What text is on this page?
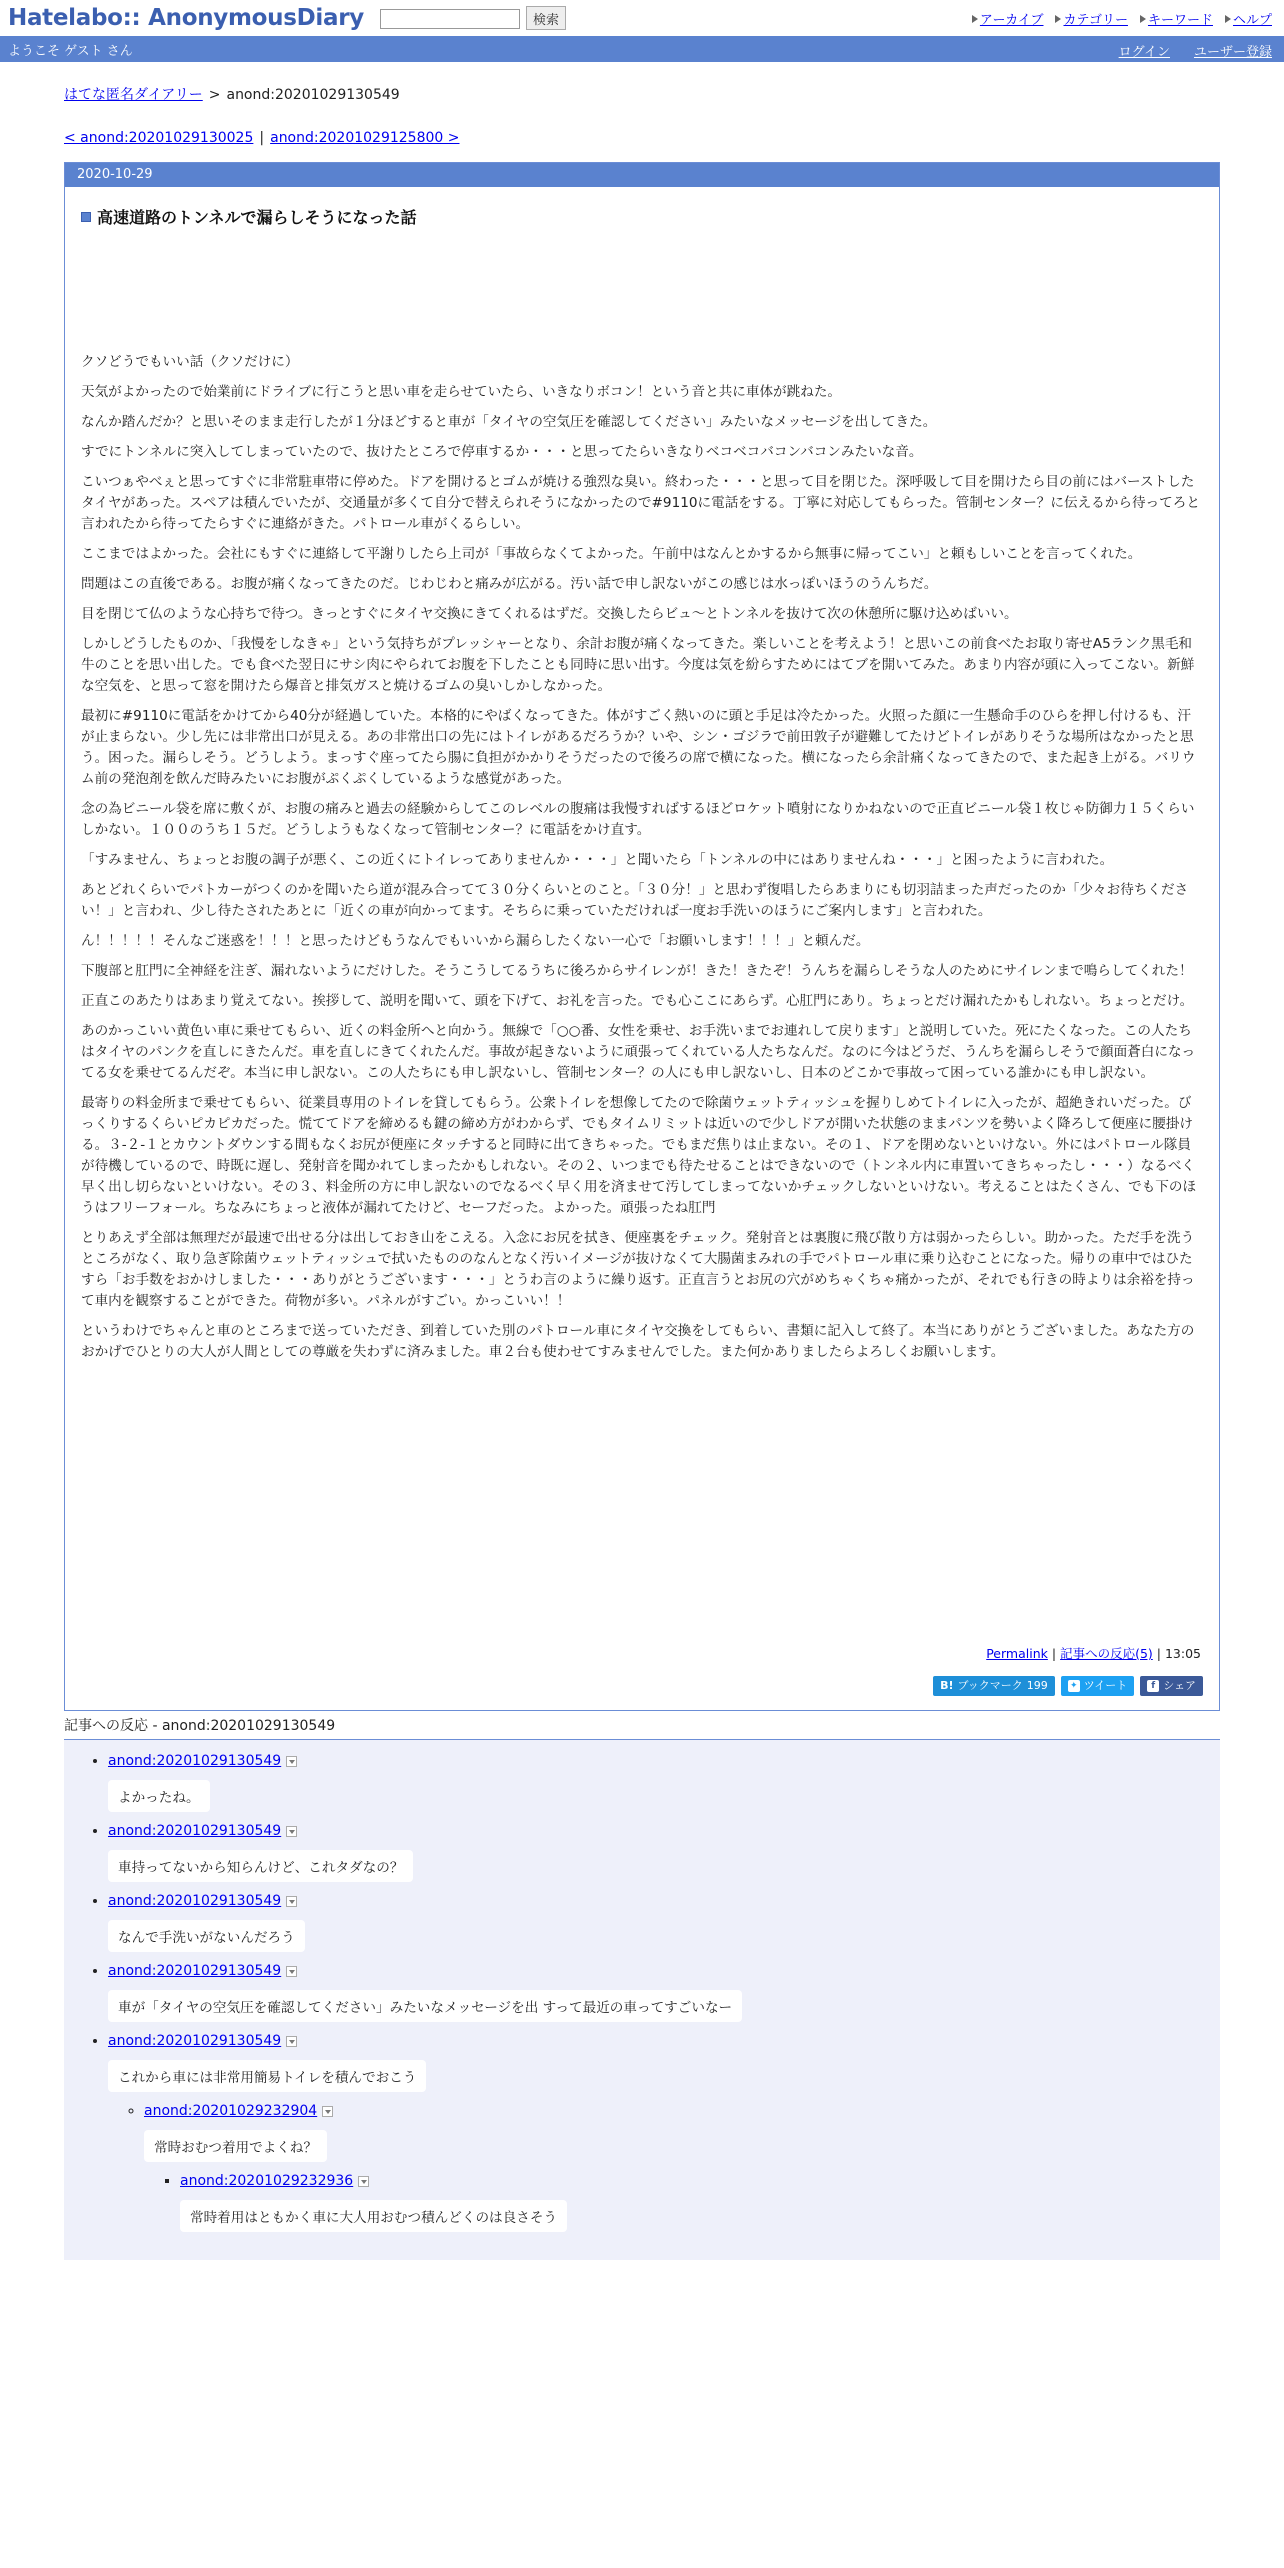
Hatelabo:: AnonymousDiary	検索	アーカイブ カテゴリー キーワード ヘルプ
ようこそ ゲスト さん	ログイン ユーザー登録
はてな匿名ダイアリー > anond:20201029130549
< anond:20201029130025 | anond:20201029125800 >
2020-10-29
高速道路のトンネルで漏らしそうになった話

クソどうでもいい話（クソだけに）

天気がよかったので始業前にドライブに行こうと思い車を走らせていたら、いきなりボコン！という音と共に車体が跳ねた。

なんか踏んだか？と思いそのまま走行したが１分ほどすると車が「タイヤの空気圧を確認してください」みたいなメッセージを出してきた。

すでにトンネルに突入してしまっていたので、抜けたところで停車するか・・・と思ってたらいきなりベコベコバコンバコンみたいな音。

こいつぁやべぇと思ってすぐに非常駐車帯に停めた。ドアを開けるとゴムが焼ける強烈な臭い。終わった・・・と思って目を閉じた。深呼吸して目を開けたら目の前にはバーストしたタイヤがあった。スペアは積んでいたが、交通量が多くて自分で替えられそうになかったので#9110に電話をする。丁寧に対応してもらった。管制センター？に伝えるから待ってろと言われたから待ってたらすぐに連絡がきた。パトロール車がくるらしい。

ここまではよかった。会社にもすぐに連絡して平謝りしたら上司が「事故らなくてよかった。午前中はなんとかするから無事に帰ってこい」と頼もしいことを言ってくれた。

問題はこの直後である。お腹が痛くなってきたのだ。じわじわと痛みが広がる。汚い話で申し訳ないがこの感じは水っぽいほうのうんちだ。

目を閉じて仏のような心持ちで待つ。きっとすぐにタイヤ交換にきてくれるはずだ。交換したらビュ〜とトンネルを抜けて次の休憩所に駆け込めばいい。

しかしどうしたものか、「我慢をしなきゃ」という気持ちがプレッシャーとなり、余計お腹が痛くなってきた。楽しいことを考えよう！と思いこの前食べたお取り寄せA5ランク黒毛和牛のことを思い出した。でも食べた翌日にサシ肉にやられてお腹を下したことも同時に思い出す。今度は気を紛らすためにはてブを開いてみた。あまり内容が頭に入ってこない。新鮮な空気を、と思って窓を開けたら爆音と排気ガスと焼けるゴムの臭いしかしなかった。

最初に#9110に電話をかけてから40分が経過していた。本格的にやばくなってきた。体がすごく熱いのに頭と手足は冷たかった。火照った顔に一生懸命手のひらを押し付けるも、汗が止まらない。少し先には非常出口が見える。あの非常出口の先にはトイレがあるだろうか？いや、シン・ゴジラで前田敦子が避難してたけどトイレがありそうな場所はなかったと思う。困った。漏らしそう。どうしよう。まっすぐ座ってたら腸に負担がかかりそうだったので後ろの席で横になった。横になったら余計痛くなってきたので、また起き上がる。バリウム前の発泡剤を飲んだ時みたいにお腹がぷくぷくしているような感覚があった。

念の為ビニール袋を席に敷くが、お腹の痛みと過去の経験からしてこのレベルの腹痛は我慢すればするほどロケット噴射になりかねないので正直ビニール袋１枚じゃ防御力１５くらいしかない。１００のうち１５だ。どうしようもなくなって管制センター？に電話をかけ直す。

「すみません、ちょっとお腹の調子が悪く、この近くにトイレってありませんか・・・」と聞いたら「トンネルの中にはありませんね・・・」と困ったように言われた。

あとどれくらいでパトカーがつくのかを聞いたら道が混み合ってて３０分くらいとのこと。「３０分！」と思わず復唱したらあまりにも切羽詰まった声だったのか「少々お待ちください！」と言われ、少し待たされたあとに「近くの車が向かってます。そちらに乗っていただければ一度お手洗いのほうにご案内します」と言われた。

ん！！！！！そんなご迷惑を！！！と思ったけどもうなんでもいいから漏らしたくない一心で「お願いします！！！」と頼んだ。

下腹部と肛門に全神経を注ぎ、漏れないようにだけした。そうこうしてるうちに後ろからサイレンが！きた！きたぞ！うんちを漏らしそうな人のためにサイレンまで鳴らしてくれた！

正直このあたりはあまり覚えてない。挨拶して、説明を聞いて、頭を下げて、お礼を言った。でも心ここにあらず。心肛門にあり。ちょっとだけ漏れたかもしれない。ちょっとだけ。

あのかっこいい黄色い車に乗せてもらい、近くの料金所へと向かう。無線で「○○番、女性を乗せ、お手洗いまでお連れして戻ります」と説明していた。死にたくなった。この人たちはタイヤのパンクを直しにきたんだ。車を直しにきてくれたんだ。事故が起きないように頑張ってくれている人たちなんだ。なのに今はどうだ、うんちを漏らしそうで顔面蒼白になってる女を乗せてるんだぞ。本当に申し訳ない。この人たちにも申し訳ないし、管制センター？の人にも申し訳ないし、日本のどこかで事故って困っている誰かにも申し訳ない。

最寄りの料金所まで乗せてもらい、従業員専用のトイレを貸してもらう。公衆トイレを想像してたので除菌ウェットティッシュを握りしめてトイレに入ったが、超絶きれいだった。びっくりするくらいピカピカだった。慌ててドアを締めるも鍵の締め方がわからず、でもタイムリミットは近いので少しドアが開いた状態のままパンツを勢いよく降ろして便座に腰掛ける。３-２-１とカウントダウンする間もなくお尻が便座にタッチすると同時に出てきちゃった。でもまだ焦りは止まない。その１、ドアを閉めないといけない。外にはパトロール隊員が待機しているので、時既に遅し、発射音を聞かれてしまったかもしれない。その２、いつまでも待たせることはできないので（トンネル内に車置いてきちゃったし・・・）なるべく早く出し切らないといけない。その３、料金所の方に申し訳ないのでなるべく早く用を済ませて汚してしまってないかチェックしないといけない。考えることはたくさん、でも下のほうはフリーフォール。ちなみにちょっと液体が漏れてたけど、セーフだった。よかった。頑張ったね肛門

とりあえず全部は無理だが最速で出せる分は出しておき山をこえる。入念にお尻を拭き、便座裏をチェック。発射音とは裏腹に飛び散り方は弱かったらしい。助かった。ただ手を洗うところがなく、取り急ぎ除菌ウェットティッシュで拭いたもののなんとなく汚いイメージが抜けなくて大腸菌まみれの手でパトロール車に乗り込むことになった。帰りの車中ではひたすら「お手数をおかけしました・・・ありがとうございます・・・」とうわ言のように繰り返す。正直言うとお尻の穴がめちゃくちゃ痛かったが、それでも行きの時よりは余裕を持って車内を観察することができた。荷物が多い。パネルがすごい。かっこいい！！

というわけでちゃんと車のところまで送っていただき、到着していた別のパトロール車にタイヤ交換をしてもらい、書類に記入して終了。本当にありがとうございました。あなた方のおかげでひとりの大人が人間としての尊厳を失わずに済みました。車２台も使わせてすみませんでした。また何かありましたらよろしくお願いします。

Permalink | 記事への反応(5) | 13:05
B! ブックマーク 199 ✦ ツイート	f シェア
記事への反応 - anond:20201029130549
• anond:20201029130549
よかったね。
• anond:20201029130549
車持ってないから知らんけど、これタダなの？
• anond:20201029130549
なんで手洗いがないんだろう
• anond:20201029130549
車が「タイヤの空気圧を確認してください」みたいなメッセージを出 すって最近の車ってすごいなー
• anond:20201029130549
これから車には非常用簡易トイレを積んでおこう
◦ anond:20201029232904
常時おむつ着用でよくね？
▪ anond:20201029232936
常時着用はともかく車に大人用おむつ積んどくのは良さそう
